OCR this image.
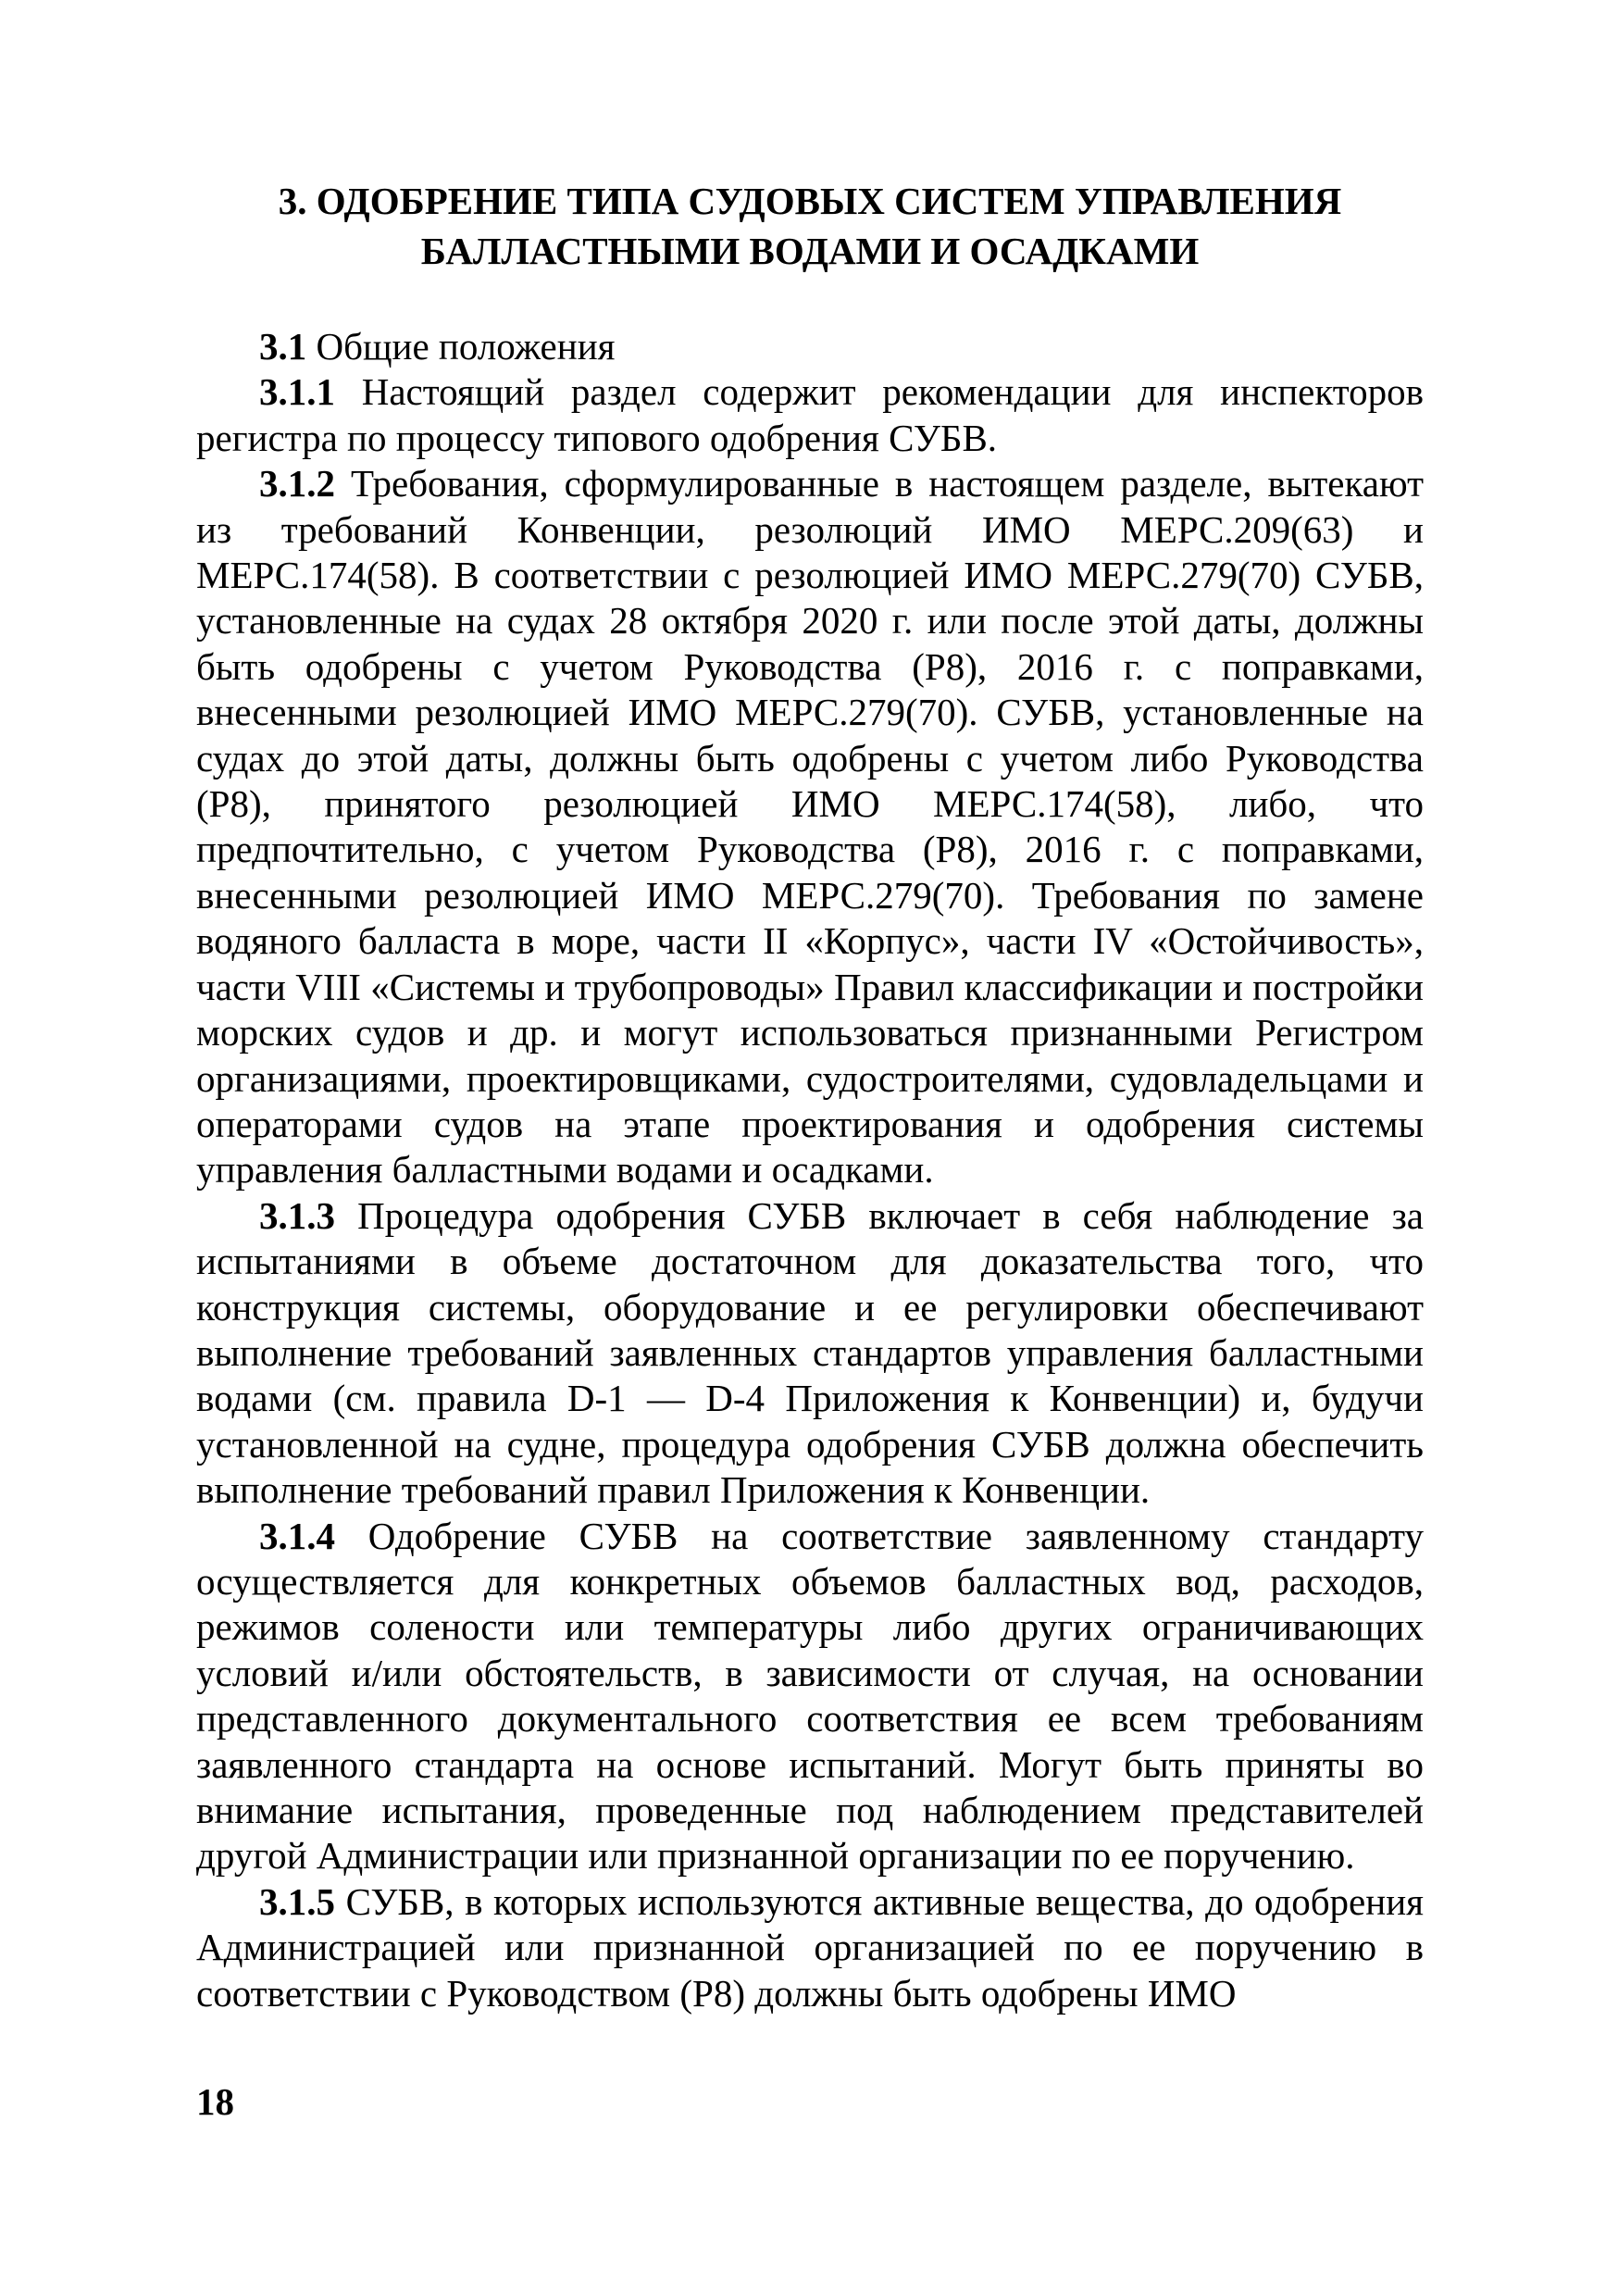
3. ОДОБРЕНИЕ ТИПА СУДОВЫХ СИСТЕМ УПРАВЛЕНИЯ
БАЛЛАСТНЫМИ ВОДАМИ И ОСАДКАМИ

3.1 Общие положения

3.1.1 Настоящий раздел содержит рекомендации для инспекторов регистра по процессу типового одобрения СУБВ.

3.1.2 Требования, сформулированные в настоящем разделе, вытекают из требований Конвенции, резолюций ИМО МЕРС.209(63) и МЕРС.174(58). В соответствии с резолюцией ИМО МЕРС.279(70) СУБВ, установленные на судах 28 октября 2020 г. или после этой даты, должны быть одобрены с учетом Руководства (Р8), 2016 г. с поправками, внесенными резолюцией ИМО МЕРС.279(70). СУБВ, установленные на судах до этой даты, должны быть одобрены с учетом либо Руководства (Р8), принятого резолюцией ИМО МЕРС.174(58), либо, что предпочтительно, с учетом Руководства (Р8), 2016 г. с поправками, внесенными резолюцией ИМО МЕРС.279(70). Требования по замене водяного балласта в море, части II «Корпус», части IV «Остойчивость», части VIII «Системы и трубопроводы» Правил классификации и постройки морских судов и др. и могут использоваться признанными Регистром организациями, проектировщиками, судостроителями, судовладельцами и операторами судов на этапе проектирования и одобрения системы управления балластными водами и осадками.

3.1.3 Процедура одобрения СУБВ включает в себя наблюдение за испытаниями в объеме достаточном для доказательства того, что конструкция системы, оборудование и ее регулировки обеспечивают выполнение требований заявленных стандартов управления балластными водами (см. правила D-1 — D-4 Приложения к Конвенции) и, будучи установленной на судне, процедура одобрения СУБВ должна обеспечить выполнение требований правил Приложения к Конвенции.

3.1.4 Одобрение СУБВ на соответствие заявленному стандарту осуществляется для конкретных объемов балластных вод, расходов, режимов солености или температуры либо других ограничивающих условий и/или обстоятельств, в зависимости от случая, на основании представленного документального соответствия ее всем требованиям заявленного стандарта на основе испытаний. Могут быть приняты во внимание испытания, проведенные под наблюдением представителей другой Администрации или признанной организации по ее поручению.

3.1.5 СУБВ, в которых используются активные вещества, до одобрения Администрацией или признанной организацией по ее поручению в соответствии с Руководством (Р8) должны быть одобрены ИМО

18
